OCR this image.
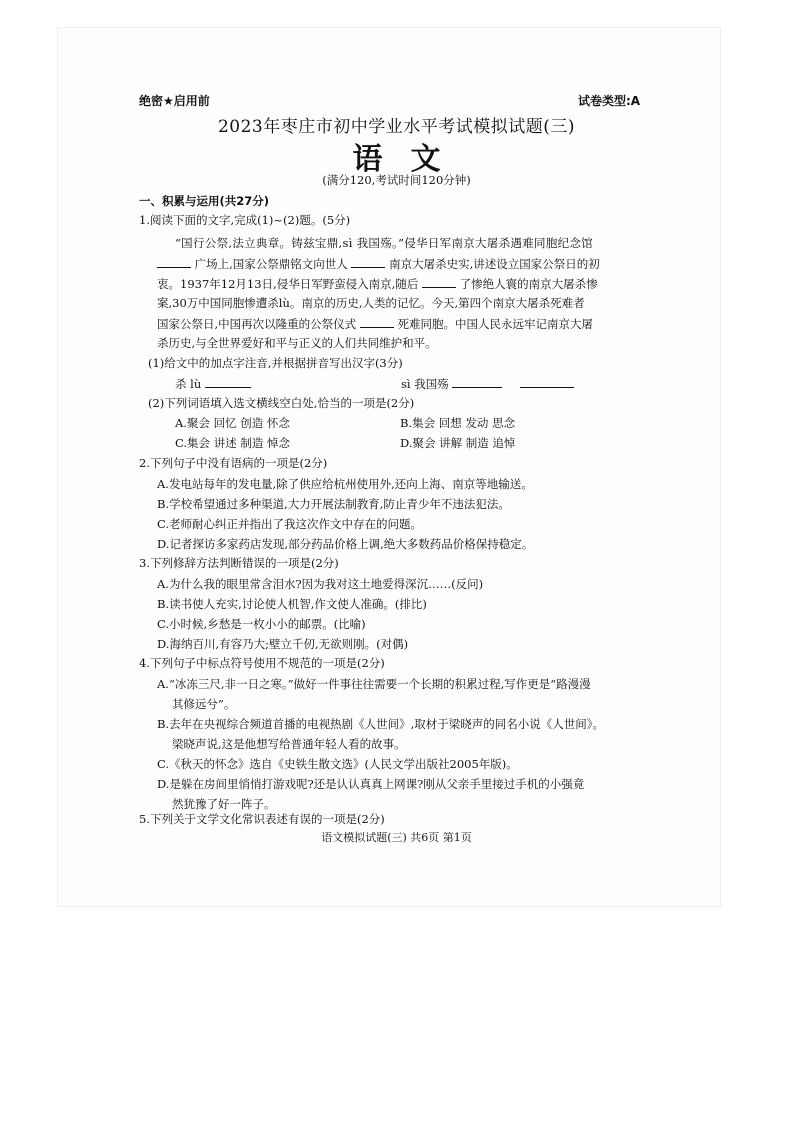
绝密★启用前	试卷类型:A
2023年枣庄市初中学业水平考试模拟试题(三)
语文
(满分120,考试时间120分钟)
一、积累与运用(共27分)
1.阅读下面的文字,完成(1)~(2)题。(5分)
“国行公祭,法立典章。铸兹宝鼎,sì 我国殇。”侵华日军南京大屠杀遇难同胞纪念馆
广场上,国家公祭鼎铭文向世人	南京大屠杀史实,讲述设立国家公祭日的初
衷。1937年12月13日,侵华日军野蛮侵入南京,随后	了惨绝人寰的南京大屠杀惨
案,30万中国同胞惨遭杀lù。南京的历史,人类的记忆。今天,第四个南京大屠杀死难者
国家公祭日,中国再次以隆重的公祭仪式	死难同胞。中国人民永远牢记南京大屠
杀历史,与全世界爱好和平与正义的人们共同维护和平。
(1)给文中的加点字注音,并根据拼音写出汉字(3分)
杀 lù	sì 我国殇
(2)下列词语填入选文横线空白处,恰当的一项是(2分)
A.聚会 回忆 创造 怀念	B.集会 回想 发动 思念
C.集会 讲述 制造 悼念	D.聚会 讲解 制造 追悼
2.下列句子中没有语病的一项是(2分)
A.发电站每年的发电量,除了供应给杭州使用外,还向上海、南京等地输送。
B.学校希望通过多种渠道,大力开展法制教育,防止青少年不违法犯法。
C.老师耐心纠正并指出了我这次作文中存在的问题。
D.记者探访多家药店发现,部分药品价格上调,绝大多数药品价格保持稳定。
3.下列修辞方法判断错误的一项是(2分)
A.为什么我的眼里常含泪水?因为我对这土地爱得深沉……(反问)
B.读书使人充实,讨论使人机智,作文使人准确。(排比)
C.小时候,乡愁是一枚小小的邮票。(比喻)
D.海纳百川,有容乃大;壁立千仞,无欲则刚。(对偶)
4.下列句子中标点符号使用不规范的一项是(2分)
A.“冰冻三尺,非一日之寒。”做好一件事往往需要一个长期的积累过程,写作更是“路漫漫
其修远兮”。
B.去年在央视综合频道首播的电视热剧《人世间》,取材于梁晓声的同名小说《人世间》。
梁晓声说,这是他想写给普通年轻人看的故事。
C.《秋天的怀念》选自《史铁生散文选》(人民文学出版社2005年版)。
D.是躲在房间里悄悄打游戏呢?还是认认真真上网课?刚从父亲手里接过手机的小强竟
然犹豫了好一阵子。
5.下列关于文学文化常识表述有误的一项是(2分)
语文模拟试题(三) 共6页 第1页
